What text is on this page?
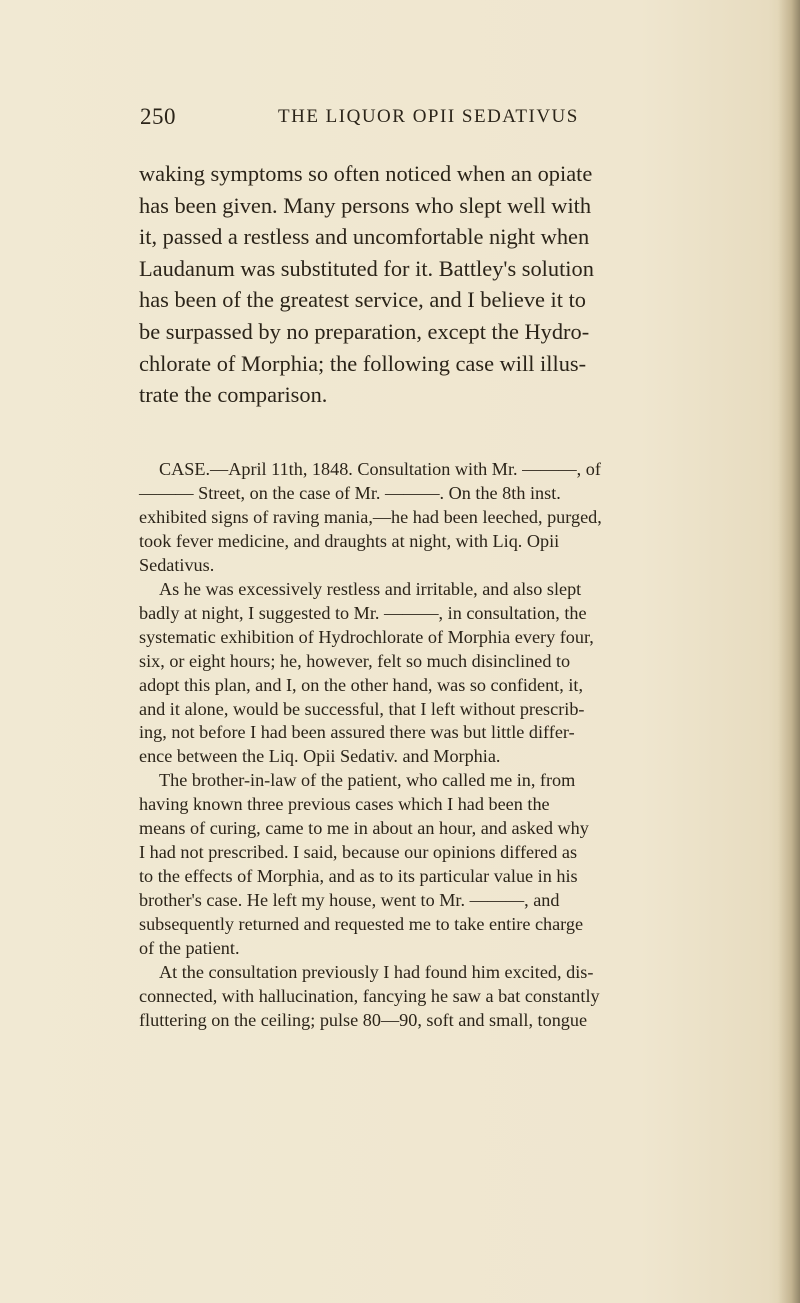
250	THE LIQUOR OPII SEDATIVUS

waking symptoms so often noticed when an opiate
has been given. Many persons who slept well with
it, passed a restless and uncomfortable night when
Laudanum was substituted for it. Battley's solution
has been of the greatest service, and I believe it to
be surpassed by no preparation, except the Hydro-
chlorate of Morphia; the following case will illus-
trate the comparison.

CASE.—April 11th, 1848. Consultation with Mr. ———, of
——— Street, on the case of Mr. ———. On the 8th inst.
exhibited signs of raving mania,—he had been leeched, purged,
took fever medicine, and draughts at night, with Liq. Opii
Sedativus.
As he was excessively restless and irritable, and also slept
badly at night, I suggested to Mr. ———, in consultation, the
systematic exhibition of Hydrochlorate of Morphia every four,
six, or eight hours; he, however, felt so much disinclined to
adopt this plan, and I, on the other hand, was so confident, it,
and it alone, would be successful, that I left without prescrib-
ing, not before I had been assured there was but little differ-
ence between the Liq. Opii Sedativ. and Morphia.
The brother-in-law of the patient, who called me in, from
having known three previous cases which I had been the
means of curing, came to me in about an hour, and asked why
I had not prescribed. I said, because our opinions differed as
to the effects of Morphia, and as to its particular value in his
brother's case. He left my house, went to Mr. ———, and
subsequently returned and requested me to take entire charge
of the patient.
At the consultation previously I had found him excited, dis-
connected, with hallucination, fancying he saw a bat constantly
fluttering on the ceiling; pulse 80—90, soft and small, tongue
